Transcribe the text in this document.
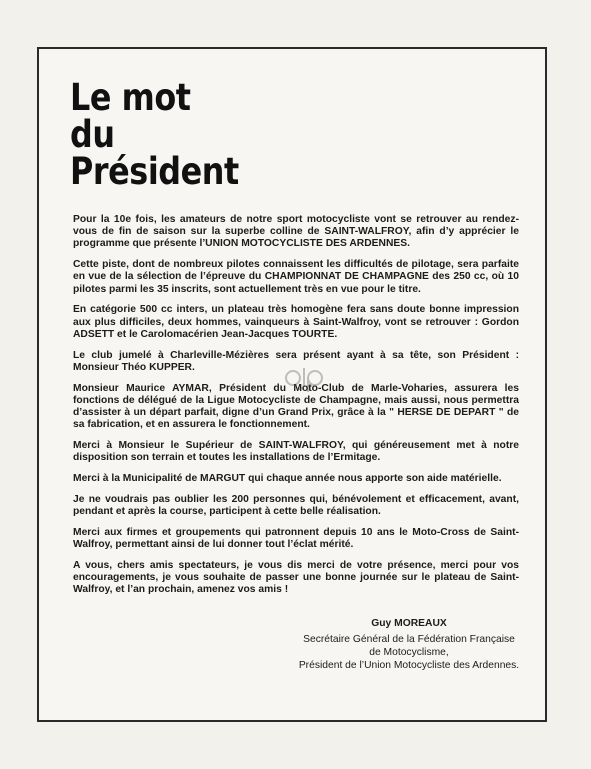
Le mot
du
Président

Pour la 10e fois, les amateurs de notre sport motocycliste vont se retrouver au rendez-vous de fin de saison sur la superbe colline de SAINT-WALFROY, afin d’y apprécier le programme que présente l’UNION MOTOCYCLISTE DES ARDENNES.

Cette piste, dont de nombreux pilotes connaissent les difficultés de pilotage, sera parfaite en vue de la sélection de l’épreuve du CHAMPIONNAT DE CHAMPAGNE des 250 cc, où 10 pilotes parmi les 35 inscrits, sont actuellement très en vue pour le titre.

En catégorie 500 cc inters, un plateau très homogène fera sans doute bonne impression aux plus difficiles, deux hommes, vainqueurs à Saint-Walfroy, vont se retrouver : Gordon ADSETT et le Carolomacérien Jean-Jacques TOURTE.

Le club jumelé à Charleville-Mézières sera présent ayant à sa tête, son Président : Monsieur Théo KUPPER.

Monsieur Maurice AYMAR, Président du Moto-Club de Marle-Voharies, assurera les fonctions de délégué de la Ligue Motocycliste de Champagne, mais aussi, nous permettra d’assister à un départ parfait, digne d’un Grand Prix, grâce à la " HERSE DE DEPART " de sa fabrication, et en assurera le fonctionnement.

Merci à Monsieur le Supérieur de SAINT-WALFROY, qui généreusement met à notre disposition son terrain et toutes les installations de l’Ermitage.

Merci à la Municipalité de MARGUT qui chaque année nous apporte son aide matérielle.

Je ne voudrais pas oublier les 200 personnes qui, bénévolement et efficacement, avant, pendant et après la course, participent à cette belle réalisation.

Merci aux firmes et groupements qui patronnent depuis 10 ans le Moto-Cross de Saint-Walfroy, permettant ainsi de lui donner tout l’éclat mérité.

A vous, chers amis spectateurs, je vous dis merci de votre présence, merci pour vos encouragements, je vous souhaite de passer une bonne journée sur le plateau de Saint-Walfroy, et l’an prochain, amenez vos amis !

Guy MOREAUX
Secrétaire Général de la Fédération Française
de Motocyclisme,
Président de l’Union Motocycliste des Ardennes.
